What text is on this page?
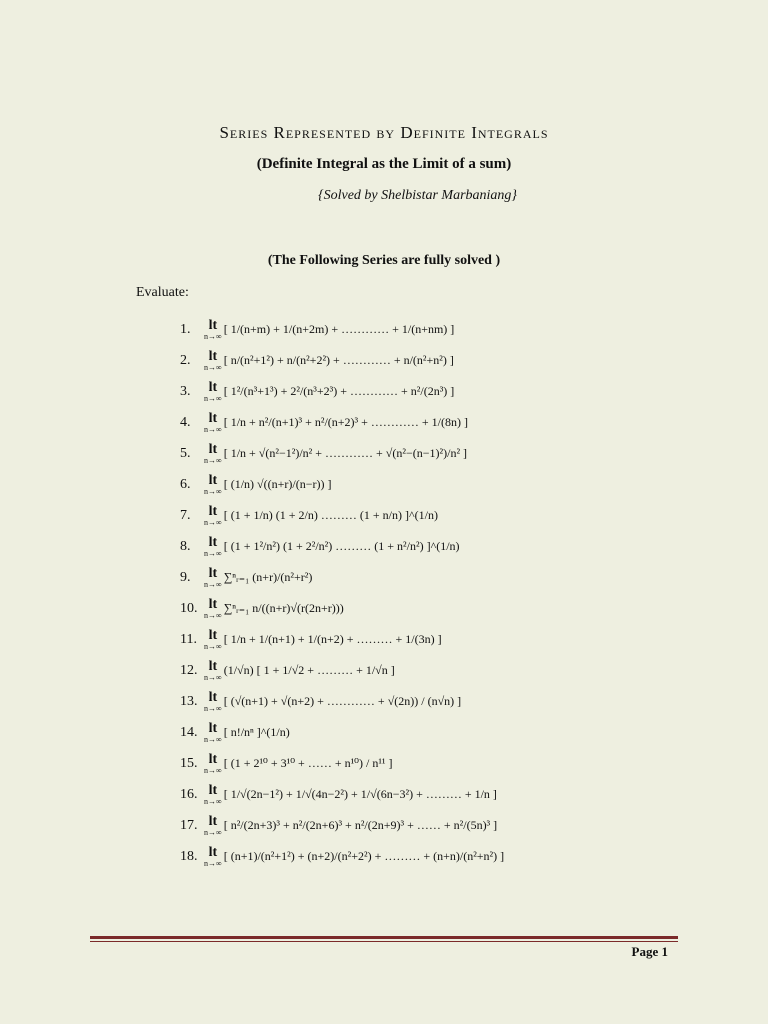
Series Represented by Definite Integrals
(Definite Integral as the Limit of a sum)
{Solved by Shelbistar Marbaniang}
(The Following Series are fully solved )
Evaluate:
1.	lt
n→∞ [ 1/(n+m) + 1/(n+2m) + ………… + 1/(n+nm) ]
2.	lt
n→∞ [ n/(n²+1²) + n/(n²+2²) + ………… + n/(n²+n²) ]
3.	lt
n→∞ [ 1²/(n³+1³) + 2²/(n³+2³) + ………… + n²/(2n³) ]
4.	lt
n→∞ [ 1/n + n²/(n+1)³ + n²/(n+2)³ + ………… + 1/(8n) ]
5.	lt
n→∞ [ 1/n + √(n²−1²)/n² + ………… + √(n²−(n−1)²)/n² ]
6.	lt
n→∞ [ (1/n) √((n+r)/(n−r)) ]
7.	lt
n→∞ [ (1 + 1/n) (1 + 2/n) ……… (1 + n/n) ]^(1/n)
8.	lt
n→∞ [ (1 + 1²/n²) (1 + 2²/n²) ……… (1 + n²/n²) ]^(1/n)
9.	lt
n→∞ ∑ⁿᵣ₌₁ (n+r)/(n²+r²)
10. lt
n→∞ ∑ⁿᵣ₌₁ n/((n+r)√(r(2n+r)))
11. lt
n→∞ [ 1/n + 1/(n+1) + 1/(n+2) + ……… + 1/(3n) ]
12. lt
n→∞ (1/√n) [ 1 + 1/√2 + ……… + 1/√n ]
13. lt
n→∞ [ (√(n+1) + √(n+2) + ………… + √(2n)) / (n√n) ]
14. lt
n→∞ [ n!/nⁿ ]^(1/n)
15. lt
n→∞ [ (1 + 2¹⁰ + 3¹⁰ + …… + n¹⁰) / n¹¹ ]
16. lt
n→∞ [ 1/√(2n−1²) + 1/√(4n−2²) + 1/√(6n−3²) + ……… + 1/n ]
17. lt
n→∞ [ n²/(2n+3)³ + n²/(2n+6)³ + n²/(2n+9)³ + …… + n²/(5n)³ ]
18. lt
n→∞ [ (n+1)/(n²+1²) + (n+2)/(n²+2²) + ……… + (n+n)/(n²+n²) ]
Page 1
